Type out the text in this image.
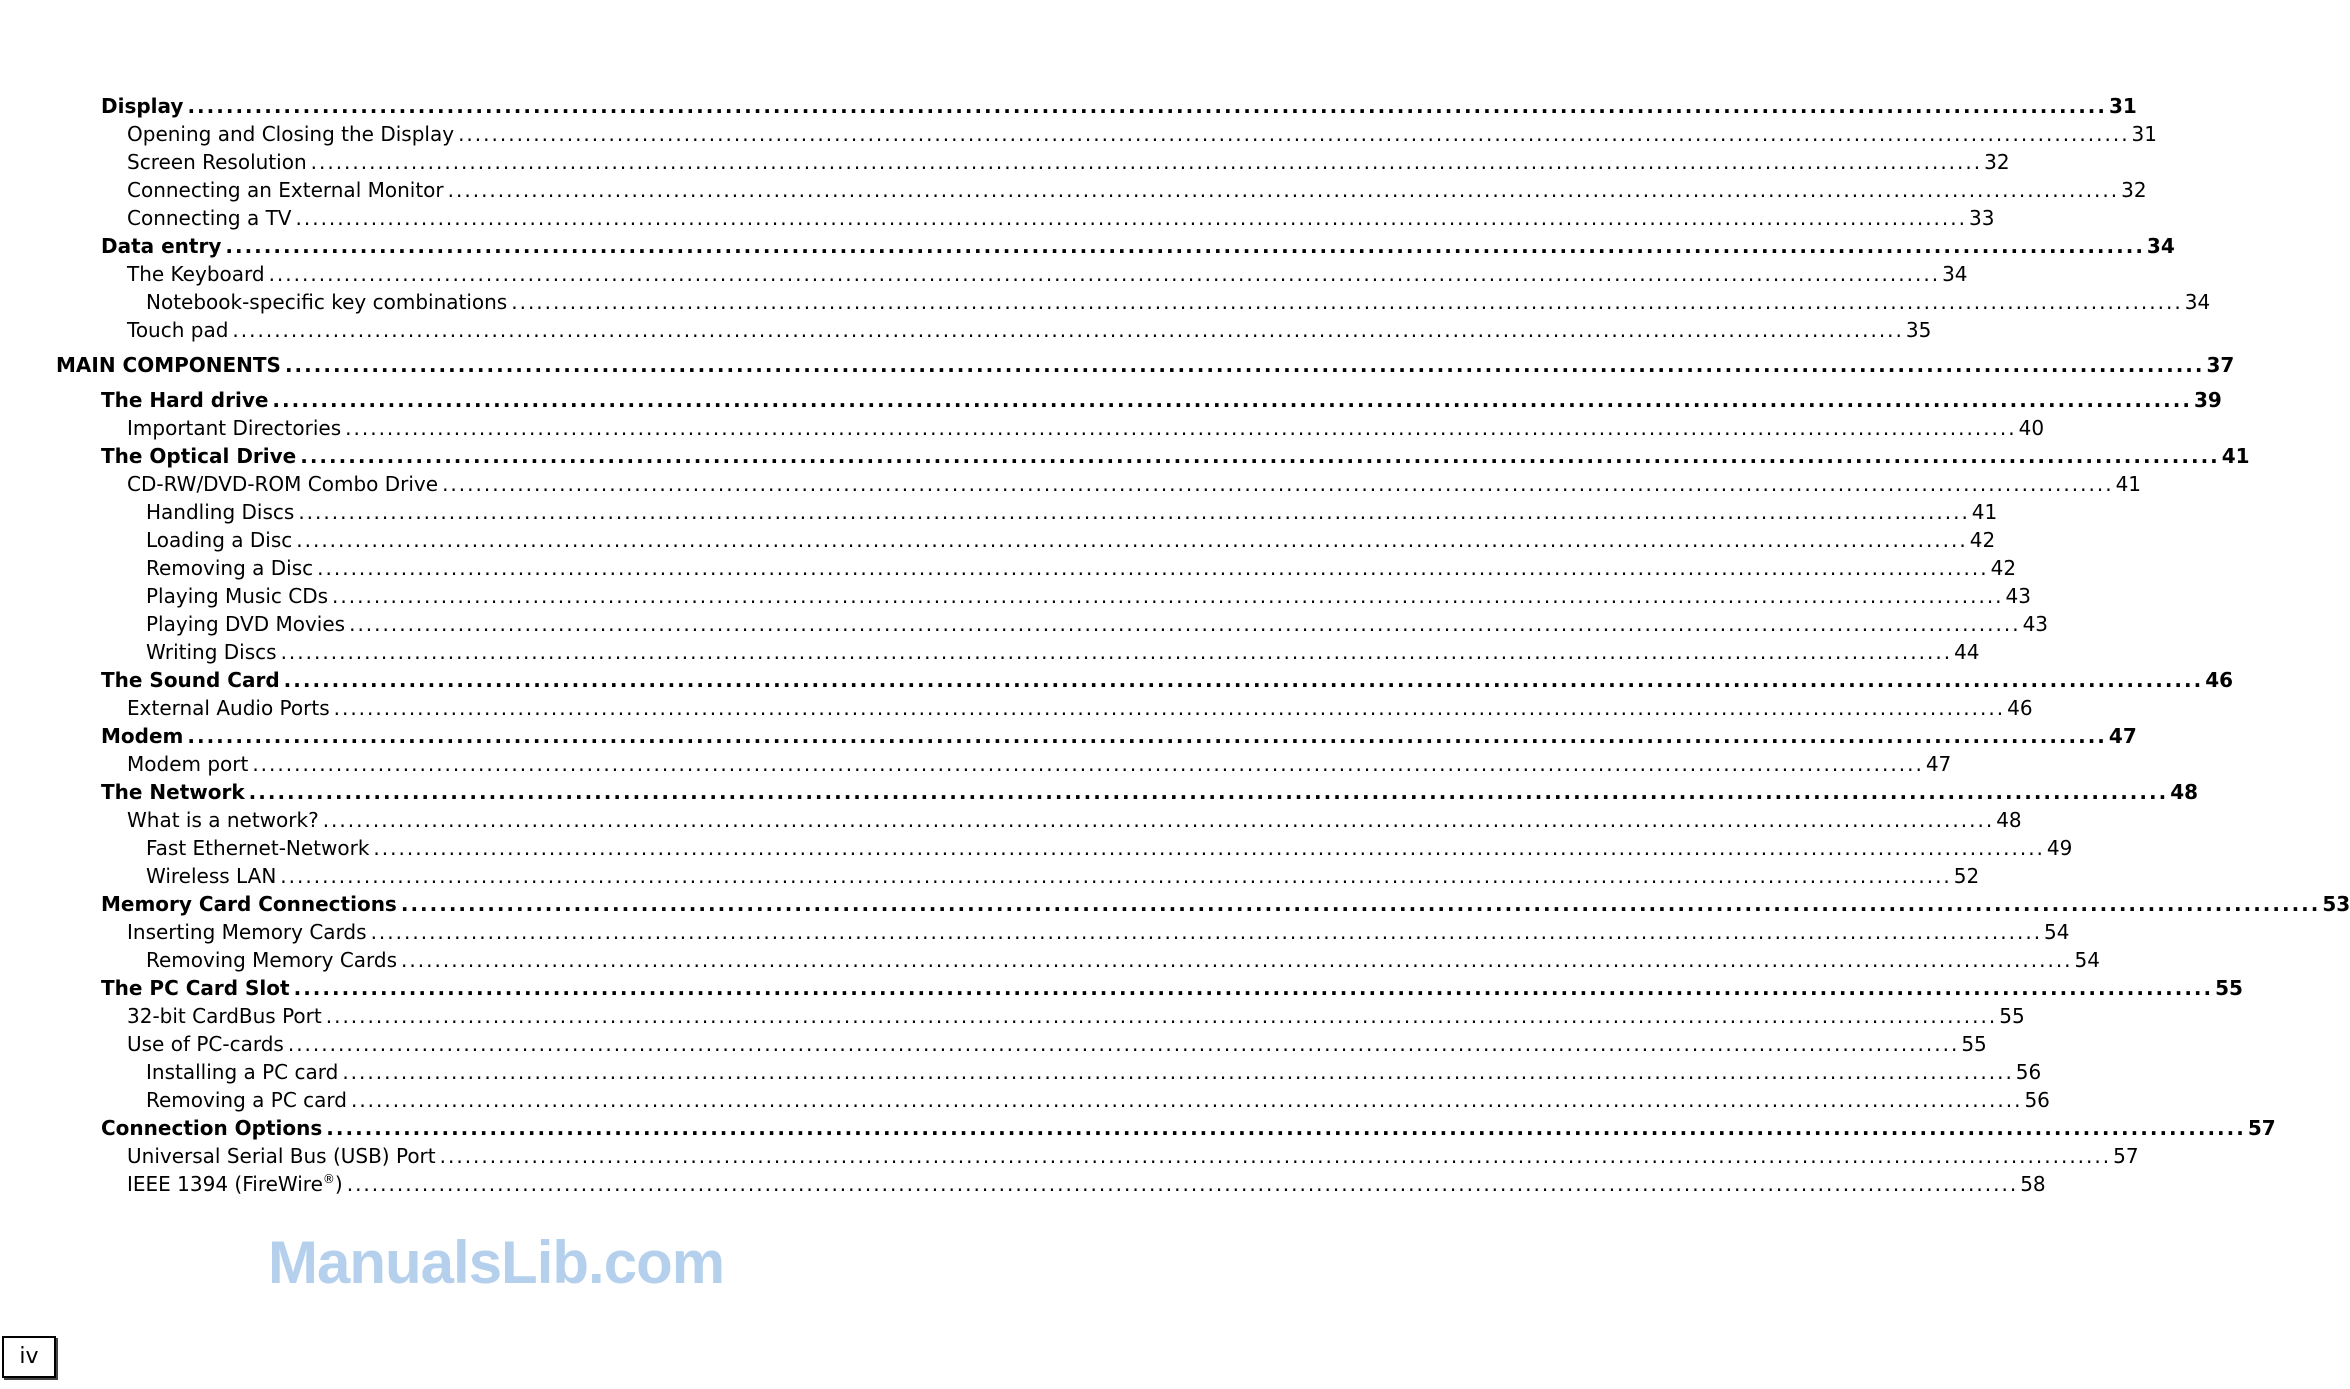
Display ........................................................................................................................................................................................................ 31
Opening and Closing the Display ........................................................................................................................................................................................................ 31
Screen Resolution ........................................................................................................................................................................................................ 32
Connecting an External Monitor ........................................................................................................................................................................................................ 32
Connecting a TV ........................................................................................................................................................................................................ 33
Data entry ........................................................................................................................................................................................................ 34
The Keyboard ........................................................................................................................................................................................................ 34
Notebook-specific key combinations ........................................................................................................................................................................................................ 34
Touch pad ........................................................................................................................................................................................................ 35
MAIN COMPONENTS ........................................................................................................................................................................................................ 37
The Hard drive ........................................................................................................................................................................................................ 39
Important Directories ........................................................................................................................................................................................................ 40
The Optical Drive ........................................................................................................................................................................................................ 41
CD-RW/DVD-ROM Combo Drive ........................................................................................................................................................................................................ 41
Handling Discs ........................................................................................................................................................................................................ 41
Loading a Disc ........................................................................................................................................................................................................ 42
Removing a Disc ........................................................................................................................................................................................................ 42
Playing Music CDs ........................................................................................................................................................................................................ 43
Playing DVD Movies ........................................................................................................................................................................................................ 43
Writing Discs ........................................................................................................................................................................................................ 44
The Sound Card ........................................................................................................................................................................................................ 46
External Audio Ports ........................................................................................................................................................................................................ 46
Modem ........................................................................................................................................................................................................ 47
Modem port ........................................................................................................................................................................................................ 47
The Network ........................................................................................................................................................................................................ 48
What is a network? ........................................................................................................................................................................................................ 48
Fast Ethernet-Network ........................................................................................................................................................................................................ 49
Wireless LAN ........................................................................................................................................................................................................ 52
Memory Card Connections ........................................................................................................................................................................................................ 53
Inserting Memory Cards ........................................................................................................................................................................................................ 54
Removing Memory Cards ........................................................................................................................................................................................................ 54
The PC Card Slot ........................................................................................................................................................................................................ 55
32-bit CardBus Port ........................................................................................................................................................................................................ 55
Use of PC-cards ........................................................................................................................................................................................................ 55
Installing a PC card ........................................................................................................................................................................................................ 56
Removing a PC card ........................................................................................................................................................................................................ 56
Connection Options ........................................................................................................................................................................................................ 57
Universal Serial Bus (USB) Port ........................................................................................................................................................................................................ 57
IEEE 1394 (FireWire®) ........................................................................................................................................................................................................ 58
ManualsLib.com
iv
